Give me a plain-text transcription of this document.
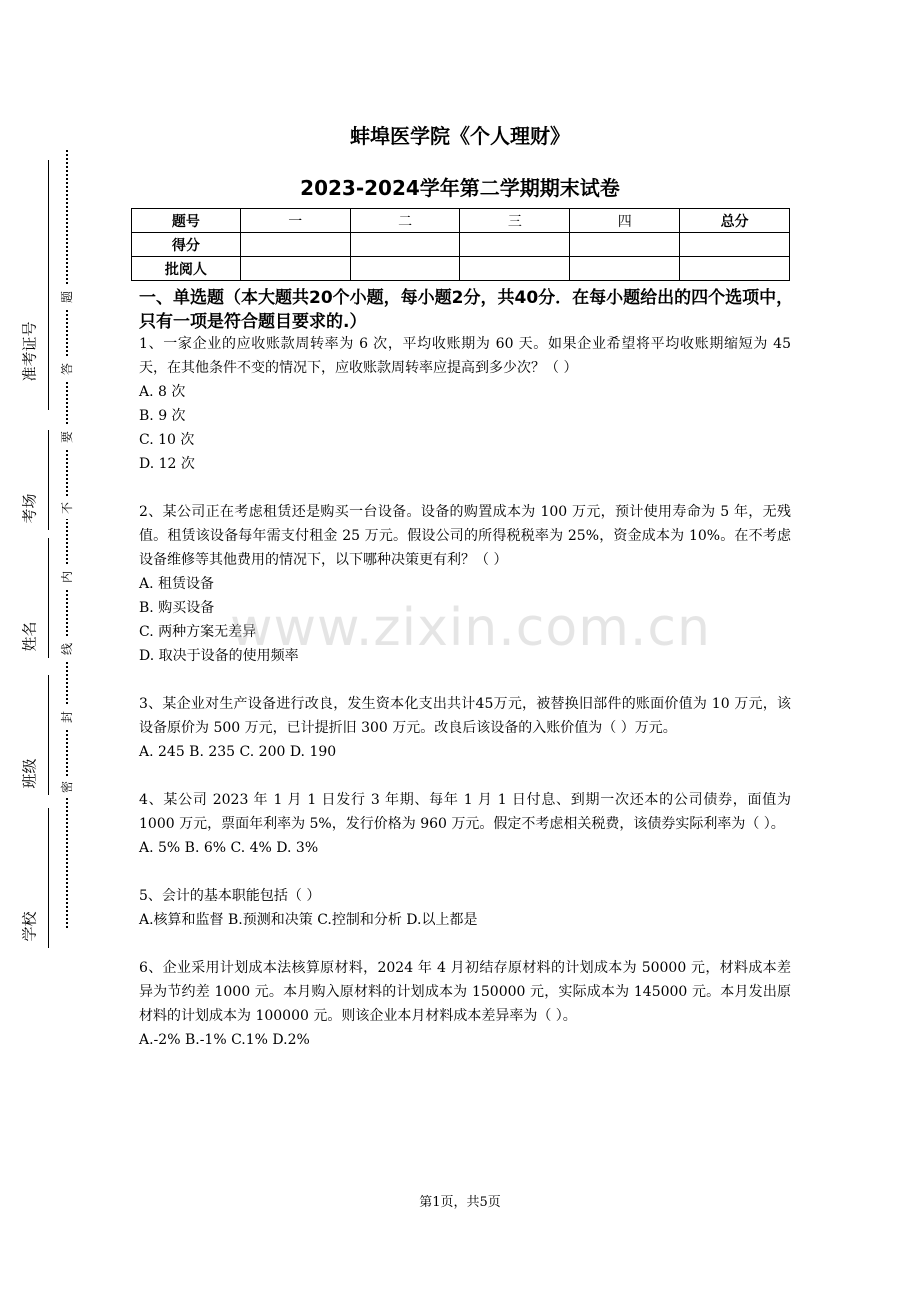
准考证号
考场
姓名
班级
学校
题
答
要
不
内
线
封
密
蚌埠医学院《个人理财》
2023-2024学年第二学期期末试卷
题号	一	二	三	四	总分
得分					
批阅人					
一、单选题（本大题共20个小题，每小题2分，共40分．在每小题给出的四个选项中，只有一项是符合题目要求的.）
1、一家企业的应收账款周转率为 6 次，平均收账期为 60 天。如果企业希望将平均收账期缩短为 45 天，在其他条件不变的情况下，应收账款周转率应提高到多少次？（ ）
A. 8 次
B. 9 次
C. 10 次
D. 12 次
2、某公司正在考虑租赁还是购买一台设备。设备的购置成本为 100 万元，预计使用寿命为 5 年，无残值。租赁该设备每年需支付租金 25 万元。假设公司的所得税税率为 25%，资金成本为 10%。在不考虑设备维修等其他费用的情况下，以下哪种决策更有利？（ ）
A. 租赁设备
B. 购买设备
C. 两种方案无差异
D. 取决于设备的使用频率
3、某企业对生产设备进行改良，发生资本化支出共计45万元，被替换旧部件的账面价值为 10 万元，该设备原价为 500 万元，已计提折旧 300 万元。改良后该设备的入账价值为（ ）万元。
A. 245 B. 235 C. 200 D. 190
4、某公司 2023 年 1 月 1 日发行 3 年期、每年 1 月 1 日付息、到期一次还本的公司债券，面值为 1000 万元，票面年利率为 5%，发行价格为 960 万元。假定不考虑相关税费，该债券实际利率为（ ）。
A. 5% B. 6% C. 4% D. 3%
5、会计的基本职能包括（ ）
A.核算和监督 B.预测和决策 C.控制和分析 D.以上都是
6、企业采用计划成本法核算原材料，2024 年 4 月初结存原材料的计划成本为 50000 元，材料成本差异为节约差 1000 元。本月购入原材料的计划成本为 150000 元，实际成本为 145000 元。本月发出原材料的计划成本为 100000 元。则该企业本月材料成本差异率为（ ）。
A.-2% B.-1% C.1% D.2%
www.zixin.com.cn
第1页，共5页
